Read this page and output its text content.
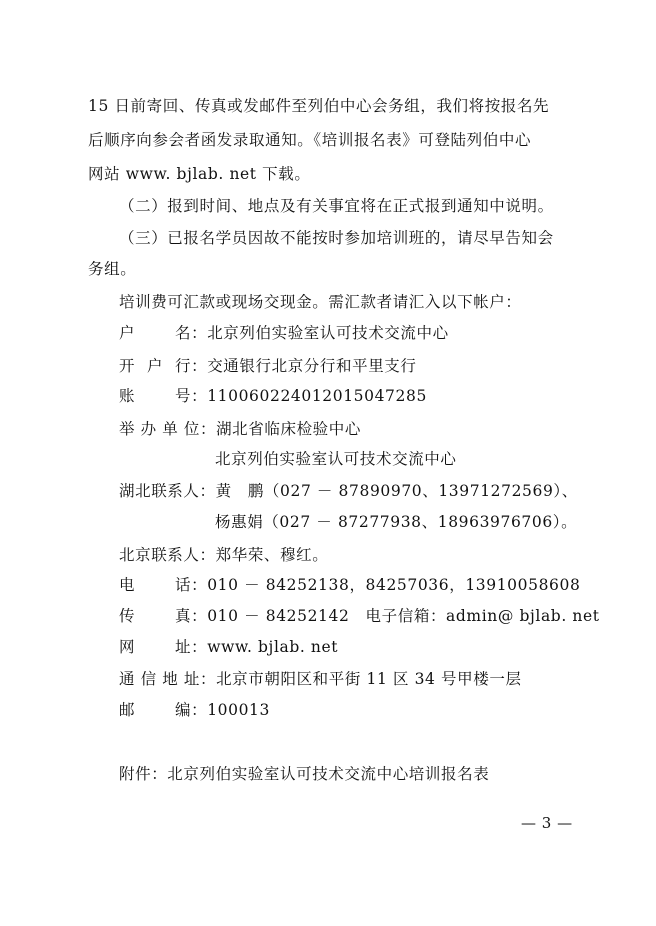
15 日前寄回、传真或发邮件至列伯中心会务组，我们将按报名先
后顺序向参会者函发录取通知。《培训报名表》可登陆列伯中心
网站 www. bjlab. net 下载。
（二）报到时间、地点及有关事宜将在正式报到通知中说明。
（三）已报名学员因故不能按时参加培训班的，请尽早告知会
务组。
培训费可汇款或现场交现金。需汇款者请汇入以下帐户：
户	名：北京列伯实验室认可技术交流中心
开 户 行：交通银行北京分行和平里支行
账	号：110060224012015047285
举 办 单 位：湖北省临床检验中心
北京列伯实验室认可技术交流中心
湖北联系人：黄　鹏（027 － 87890970、13971272569）、
杨惠娟（027 － 87277938、18963976706）。
北京联系人：郑华荣、穆红。
电	话：010 － 84252138，84257036，13910058608
传	真：010 － 84252142　电子信箱：admin@ bjlab. net
网	址：www. bjlab. net
通 信 地 址：北京市朝阳区和平街 11 区 34 号甲楼一层
邮	编：100013
附件：北京列伯实验室认可技术交流中心培训报名表
— 3 —
